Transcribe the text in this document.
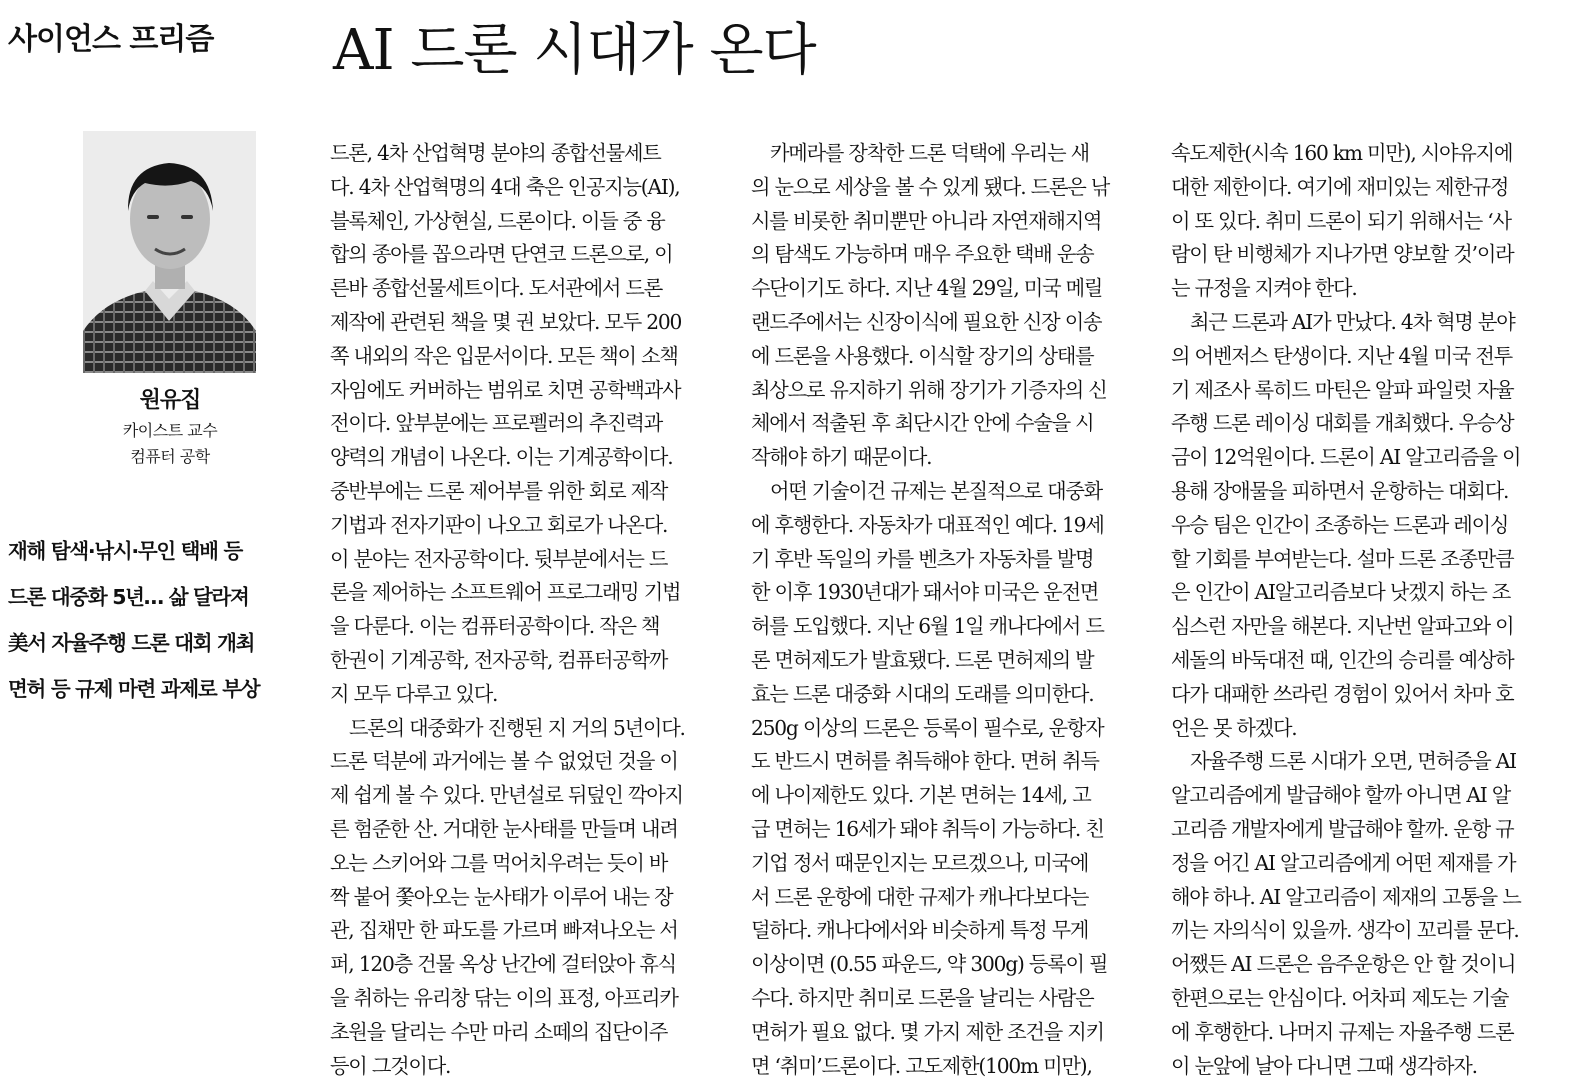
사이언스 프리즘 AI 드론 시대가 온다
원유집
카이스트 교수
컴퓨터 공학
재해 탐색·낚시·무인 택배 등
드론 대중화 5년… 삶 달라져
美서 자율주행 드론 대회 개최
면허 등 규제 마련 과제로 부상
드론, 4차 산업혁명 분야의 종합선물세트
다. 4차 산업혁명의 4대 축은 인공지능(AI),
블록체인, 가상현실, 드론이다. 이들 중 융
합의 종아를 꼽으라면 단연코 드론으로, 이
른바 종합선물세트이다. 도서관에서 드론
제작에 관련된 책을 몇 권 보았다. 모두 200
쪽 내외의 작은 입문서이다. 모든 책이 소책
자임에도 커버하는 범위로 치면 공학백과사
전이다. 앞부분에는 프로펠러의 추진력과
양력의 개념이 나온다. 이는 기계공학이다.
중반부에는 드론 제어부를 위한 회로 제작
기법과 전자기판이 나오고 회로가 나온다.
이 분야는 전자공학이다. 뒷부분에서는 드
론을 제어하는 소프트웨어 프로그래밍 기법
을 다룬다. 이는 컴퓨터공학이다. 작은 책
한권이 기계공학, 전자공학, 컴퓨터공학까
지 모두 다루고 있다.
　드론의 대중화가 진행된 지 거의 5년이다.
드론 덕분에 과거에는 볼 수 없었던 것을 이
제 쉽게 볼 수 있다. 만년설로 뒤덮인 깍아지
른 험준한 산. 거대한 눈사태를 만들며 내려
오는 스키어와 그를 먹어치우려는 듯이 바
짝 붙어 쫓아오는 눈사태가 이루어 내는 장
관, 집채만 한 파도를 가르며 빠져나오는 서
퍼, 120층 건물 옥상 난간에 걸터앉아 휴식
을 취하는 유리창 닦는 이의 표정, 아프리카
초원을 달리는 수만 마리 소떼의 집단이주
등이 그것이다.
　카메라를 장착한 드론 덕택에 우리는 새
의 눈으로 세상을 볼 수 있게 됐다. 드론은 낚
시를 비롯한 취미뿐만 아니라 자연재해지역
의 탐색도 가능하며 매우 주요한 택배 운송
수단이기도 하다. 지난 4월 29일, 미국 메릴
랜드주에서는 신장이식에 필요한 신장 이송
에 드론을 사용했다. 이식할 장기의 상태를
최상으로 유지하기 위해 장기가 기증자의 신
체에서 적출된 후 최단시간 안에 수술을 시
작해야 하기 때문이다.
　어떤 기술이건 규제는 본질적으로 대중화
에 후행한다. 자동차가 대표적인 예다. 19세
기 후반 독일의 카를 벤츠가 자동차를 발명
한 이후 1930년대가 돼서야 미국은 운전면
허를 도입했다. 지난 6월 1일 캐나다에서 드
론 면허제도가 발효됐다. 드론 면허제의 발
효는 드론 대중화 시대의 도래를 의미한다.
250g 이상의 드론은 등록이 필수로, 운항자
도 반드시 면허를 취득해야 한다. 면허 취득
에 나이제한도 있다. 기본 면허는 14세, 고
급 면허는 16세가 돼야 취득이 가능하다. 친
기업 정서 때문인지는 모르겠으나, 미국에
서 드론 운항에 대한 규제가 캐나다보다는
덜하다. 캐나다에서와 비슷하게 특정 무게
이상이면 (0.55 파운드, 약 300g) 등록이 필
수다. 하지만 취미로 드론을 날리는 사람은
면허가 필요 없다. 몇 가지 제한 조건을 지키
면 ‘취미’드론이다. 고도제한(100m 미만),
속도제한(시속 160 km 미만), 시야유지에
대한 제한이다. 여기에 재미있는 제한규정
이 또 있다. 취미 드론이 되기 위해서는 ‘사
람이 탄 비행체가 지나가면 양보할 것’이라
는 규정을 지켜야 한다.
　최근 드론과 AI가 만났다. 4차 혁명 분야
의 어벤저스 탄생이다. 지난 4월 미국 전투
기 제조사 록히드 마틴은 알파 파일럿 자율
주행 드론 레이싱 대회를 개최했다. 우승상
금이 12억원이다. 드론이 AI 알고리즘을 이
용해 장애물을 피하면서 운항하는 대회다.
우승 팀은 인간이 조종하는 드론과 레이싱
할 기회를 부여받는다. 설마 드론 조종만큼
은 인간이 AI알고리즘보다 낫겠지 하는 조
심스런 자만을 해본다. 지난번 알파고와 이
세돌의 바둑대전 때, 인간의 승리를 예상하
다가 대패한 쓰라린 경험이 있어서 차마 호
언은 못 하겠다.
　자율주행 드론 시대가 오면, 면허증을 AI
알고리즘에게 발급해야 할까 아니면 AI 알
고리즘 개발자에게 발급해야 할까. 운항 규
정을 어긴 AI 알고리즘에게 어떤 제재를 가
해야 하나. AI 알고리즘이 제재의 고통을 느
끼는 자의식이 있을까. 생각이 꼬리를 문다.
어쨌든 AI 드론은 음주운항은 안 할 것이니
한편으로는 안심이다. 어차피 제도는 기술
에 후행한다. 나머지 규제는 자율주행 드론
이 눈앞에 날아 다니면 그때 생각하자.
